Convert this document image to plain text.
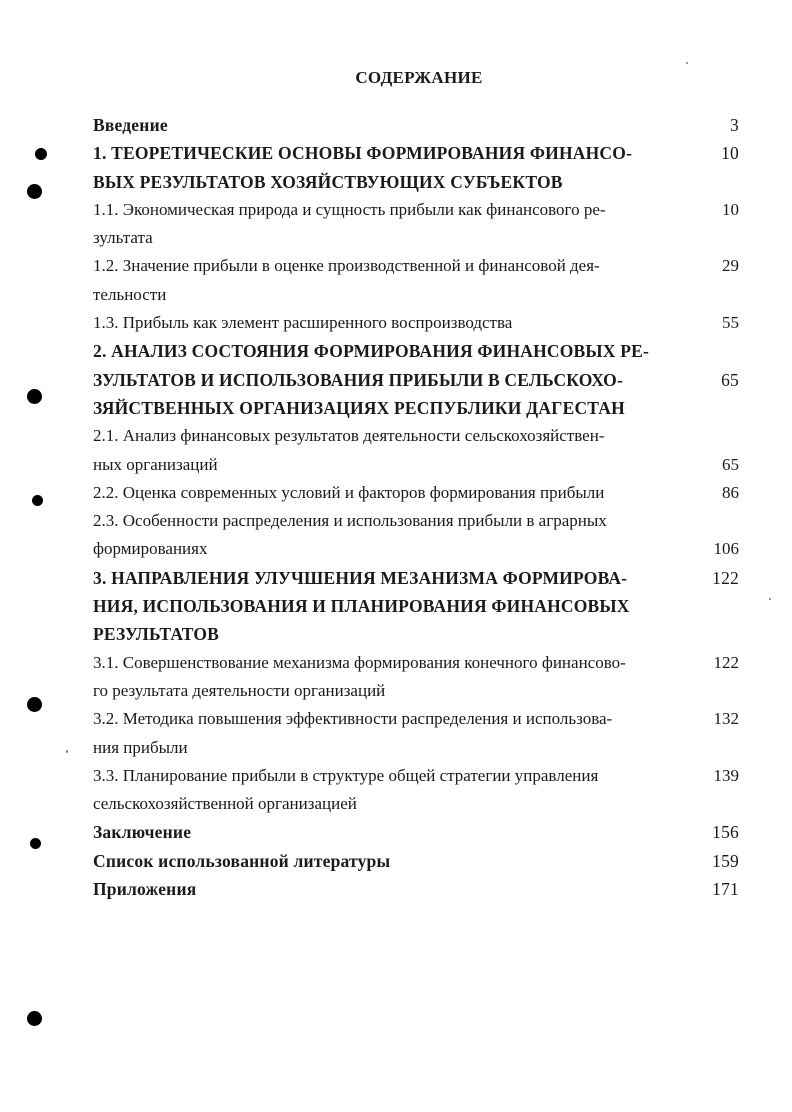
СОДЕРЖАНИЕ
Введение	3
1. ТЕОРЕТИЧЕСКИЕ ОСНОВЫ ФОРМИРОВАНИЯ ФИНАНСО-	10
ВЫХ РЕЗУЛЬТАТОВ ХОЗЯЙСТВУЮЩИХ СУБЪЕКТОВ
1.1. Экономическая природа и сущность прибыли как финансового ре-	10
зультата
1.2. Значение прибыли в оценке производственной и финансовой дея-	29
тельности
1.3. Прибыль как элемент расширенного воспроизводства	55
2. АНАЛИЗ СОСТОЯНИЯ ФОРМИРОВАНИЯ ФИНАНСОВЫХ РЕ-
ЗУЛЬТАТОВ И ИСПОЛЬЗОВАНИЯ ПРИБЫЛИ В СЕЛЬСКОХО-	65
ЗЯЙСТВЕННЫХ ОРГАНИЗАЦИЯХ РЕСПУБЛИКИ ДАГЕСТАН
2.1. Анализ финансовых результатов деятельности сельскохозяйствен-
ных организаций	65
2.2. Оценка современных условий и факторов формирования прибыли	86
2.3. Особенности распределения и использования прибыли в аграрных
формированиях	106
3. НАПРАВЛЕНИЯ УЛУЧШЕНИЯ МЕЗАНИЗМА ФОРМИРОВА-	122
НИЯ, ИСПОЛЬЗОВАНИЯ И ПЛАНИРОВАНИЯ ФИНАНСОВЫХ
РЕЗУЛЬТАТОВ
3.1. Совершенствование механизма формирования конечного финансово-	122
го результата деятельности организаций
3.2. Методика повышения эффективности распределения и использова-	132
ния прибыли
3.3. Планирование прибыли в структуре общей стратегии управления	139
сельскохозяйственной организацией
Заключение	156
Список использованной литературы	159
Приложения	171
